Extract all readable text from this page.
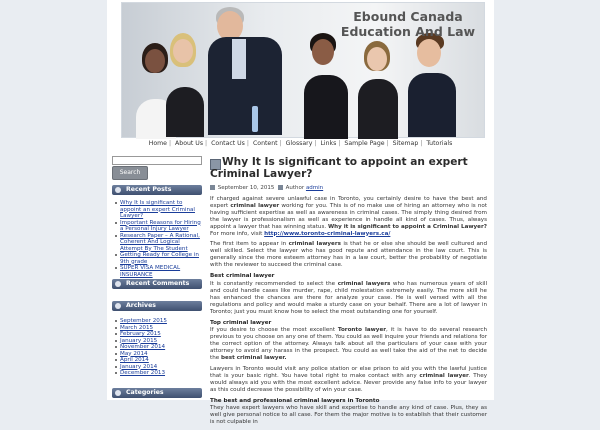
Ebound Canada Education And Law
Home | About Us | Contact Us | Content | Glossary | Links | Sample Page | Sitemap | Tutorials
Search
Recent Posts
Why It Is significant to appoint an expert Criminal Lawyer?
Important Reasons for Hiring a Personal Injury Lawyer
Research Paper – A Rational, Coherent And Logical Attempt By The Student
Getting Ready for College in 9th grade
SUPER VISA MEDICAL INSURANCE
Recent Comments
Archives
September 2015
March 2015
February 2015
January 2015
November 2014
May 2014
April 2014
January 2014
December 2013
Categories
Why It Is significant to appoint an expert Criminal Lawyer?
September 10, 2015 Author admin

If charged against severe unlawful case in Toronto, you certainly desire to have the best and expert criminal lawyer working for you. This is of no make use of hiring an attorney who is not having sufficient expertise as well as awareness in criminal cases. The simply thing desired from the lawyer is professionalism as well as experience in handle all kind of cases. Thus, always appoint a lawyer that has winning status. Why it is significant to appoint a Criminal Lawyer? For more info, visit http://www.toronto-criminal-lawyers.ca/

The first item to appear in criminal lawyers is that he or else she should be well cultured and well skilled. Select the lawyer who has good repute and attendance in the law court. This is generally since the more esteem attorney has in a law court, better the probability of negotiate with the reviewer to succeed the criminal case.

Best criminal lawyer

It is constantly recommended to select the criminal lawyers who has numerous years of skill and could handle cases like murder, rape, child molestation extremely easily. The more skill he has enhanced the chances are there for analyze your case. He is well versed with all the regulations and policy and would make a sturdy case on your behalf. There are a lot of lawyer in Toronto; just you must know how to select the most outstanding one for yourself.

Top criminal lawyer

If you desire to choose the most excellent Toronto lawyer, it is have to do several research previous to you choose on any one of them. You could as well inquire your friends and relations for the correct option of the attorney. Always talk about all the particulars of your case with your attorney to avoid any harass in the prospect. You could as well take the aid of the net to decide the best criminal lawyer.

Lawyers in Toronto would visit any police station or else prison to aid you with the lawful justice that is your basic right. You have total right to make contact with any criminal lawyer. They would always aid you with the most excellent advice. Never provide any false info to your lawyer as this could decrease the possibility of win your case.

The best and professional criminal lawyers in Toronto

They have expert lawyers who have skill and expertise to handle any kind of case. Plus, they as well give personal notice to all case. For them the major motive is to establish that their customer is not culpable in
